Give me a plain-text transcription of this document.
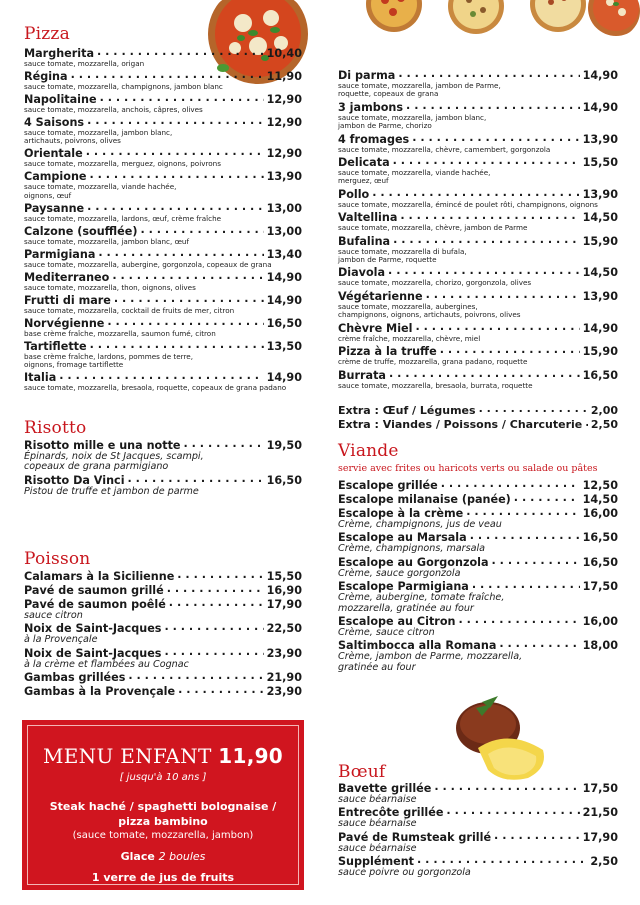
Pizza
Margherita . . .	10,40
sauce tomate, mozzarella, origan
Régina . . .	11,90
sauce tomate, mozzarella, champignons, jambon blanc
Napolitaine . . .	12,90
sauce tomate, mozzarella, anchois, câpres, olives
4 Saisons . . .	12,90
sauce tomate, mozzarella, jambon blanc,
artichauts, poivrons, olives
Orientale . . .	12,90
sauce tomate, mozzarella, merguez, oignons, poivrons
Campione . . .	13,90
sauce tomate, mozzarella, viande hachée,
oignons, œuf
Paysanne . . .	13,00
sauce tomate, mozzarella, lardons, œuf, crème fraîche
Calzone (soufflée) . . .	13,00
sauce tomate, mozzarella, jambon blanc, œuf
Parmigiana . . .	13,40
sauce tomate, mozzarella, aubergine, gorgonzola, copeaux de grana
Mediterraneo . . .	14,90
sauce tomate, mozzarella, thon, oignons, olives
Frutti di mare . . .	14,90
sauce tomate, mozzarella, cocktail de fruits de mer, citron
Norvégienne . . .	16,50
base crème fraîche, mozzarella, saumon fumé, citron
Tartiflette . . .	13,50
base crème fraîche, lardons, pommes de terre,
oignons, fromage tartiflette
Italia . . .	14,90
sauce tomate, mozzarella, bresaola, roquette, copeaux de grana padano
Risotto
Risotto mille e una notte . . .	19,50
Épinards, noix de St Jacques, scampi,
copeaux de grana parmigiano
Risotto Da Vinci . . .	16,50
Pistou de truffe et jambon de parme
Poisson
Calamars à la Sicilienne . . .	15,50
Pavé de saumon grillé . . .	16,90
Pavé de saumon poêlé . . .	17,90
sauce citron
Noix de Saint-Jacques . . .	22,50
à la Provençale
Noix de Saint-Jacques . . .	23,90
à la crème et flambées au Cognac
Gambas grillées . . .	21,90
Gambas à la Provençale . . .	23,90
Di parma . . .	14,90
sauce tomate, mozzarella, jambon de Parme,
roquette, copeaux de grana
3 jambons . . .	14,90
sauce tomate, mozzarella, jambon blanc,
jambon de Parme, chorizo
4 fromages . . .	13,90
sauce tomate, mozzarella, chèvre, camembert, gorgonzola
Delicata . . .	15,50
sauce tomate, mozzarella, viande hachée,
merguez, œuf
Pollo . . .	13,90
sauce tomate, mozzarella, émincé de poulet rôti, champignons, oignons
Valtellina . . .	14,50
sauce tomate, mozzarella, chèvre, jambon de Parme
Bufalina . . .	15,90
sauce tomate, mozzarella di bufala,
jambon de Parme, roquette
Diavola . . .	14,50
sauce tomate, mozzarella, chorizo, gorgonzola, olives
Végétarienne . . .	13,90
sauce tomate, mozzarella, aubergines,
champignons, oignons, artichauts, poivrons, olives
Chèvre Miel . . .	14,90
crème fraîche, mozzarella, chèvre, miel
Pizza à la truffe . . .	15,90
crème de truffe, mozzarella, grana padano, roquette
Burrata . . .	16,50
sauce tomate, mozzarella, bresaola, burrata, roquette
Extra : Œuf / Légumes . . .	2,00
Extra : Viandes / Poissons / Charcuterie . . . 2,50
Viande
servie avec frites ou haricots verts ou salade ou pâtes
Escalope grillée . . .	12,50
Escalope milanaise (panée) . . .	14,50
Escalope à la crème . . .	16,00
Crème, champignons, jus de veau
Escalope au Marsala . . .	16,50
Crème, champignons, marsala
Escalope au Gorgonzola . . .	16,50
Crème, sauce gorgonzola
Escalope Parmigiana . . .	17,50
Crème, aubergine, tomate fraîche,
mozzarella, gratinée au four
Escalope au Citron . . .	16,00
Crème, sauce citron
Saltimbocca alla Romana . . .	18,00
Crème, jambon de Parme, mozzarella,
gratinée au four
Bœuf
Bavette grillée . . .	17,50
sauce béarnaise
Entrecôte grillée . . .	21,50
sauce béarnaise
Pavé de Rumsteak grillé . . .	17,90
sauce béarnaise
Supplément . . .	2,50
sauce poivre ou gorgonzola
MENU ENFANT 11,90
[ jusqu'à 10 ans ]
Steak haché / spaghetti bolognaise /
pizza bambino
(sauce tomate, mozzarella, jambon)
Glace 2 boules
1 verre de jus de fruits
